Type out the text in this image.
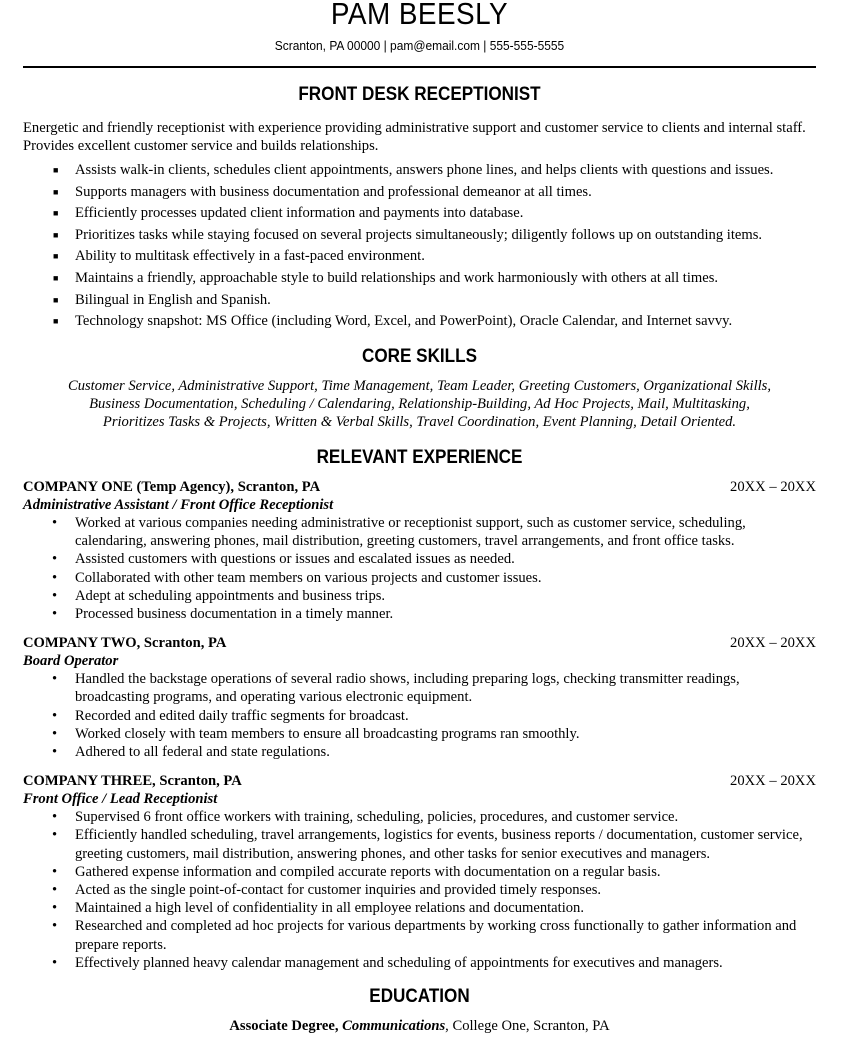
PAM BEESLY
Scranton, PA 00000 | pam@email.com | 555-555-5555
FRONT DESK RECEPTIONIST
Energetic and friendly receptionist with experience providing administrative support and customer service to clients and internal staff. Provides excellent customer service and builds relationships.
■ Assists walk-in clients, schedules client appointments, answers phone lines, and helps clients with questions and issues.
■ Supports managers with business documentation and professional demeanor at all times.
■ Efficiently processes updated client information and payments into database.
■ Prioritizes tasks while staying focused on several projects simultaneously; diligently follows up on outstanding items.
■ Ability to multitask effectively in a fast-paced environment.
■ Maintains a friendly, approachable style to build relationships and work harmoniously with others at all times.
■ Bilingual in English and Spanish.
■ Technology snapshot: MS Office (including Word, Excel, and PowerPoint), Oracle Calendar, and Internet savvy.
CORE SKILLS
Customer Service, Administrative Support, Time Management, Team Leader, Greeting Customers, Organizational Skills,
Business Documentation, Scheduling / Calendaring, Relationship-Building, Ad Hoc Projects, Mail, Multitasking,
Prioritizes Tasks & Projects, Written & Verbal Skills, Travel Coordination, Event Planning, Detail Oriented.
RELEVANT EXPERIENCE
COMPANY ONE (Temp Agency), Scranton, PA	20XX – 20XX
Administrative Assistant / Front Office Receptionist
• Worked at various companies needing administrative or receptionist support, such as customer service, scheduling, calendaring, answering phones, mail distribution, greeting customers, travel arrangements, and front office tasks.
• Assisted customers with questions or issues and escalated issues as needed.
• Collaborated with other team members on various projects and customer issues.
• Adept at scheduling appointments and business trips.
• Processed business documentation in a timely manner.
COMPANY TWO, Scranton, PA	20XX – 20XX
Board Operator
• Handled the backstage operations of several radio shows, including preparing logs, checking transmitter readings, broadcasting programs, and operating various electronic equipment.
• Recorded and edited daily traffic segments for broadcast.
• Worked closely with team members to ensure all broadcasting programs ran smoothly.
• Adhered to all federal and state regulations.
COMPANY THREE, Scranton, PA	20XX – 20XX
Front Office / Lead Receptionist
• Supervised 6 front office workers with training, scheduling, policies, procedures, and customer service.
• Efficiently handled scheduling, travel arrangements, logistics for events, business reports / documentation, customer service, greeting customers, mail distribution, answering phones, and other tasks for senior executives and managers.
• Gathered expense information and compiled accurate reports with documentation on a regular basis.
• Acted as the single point-of-contact for customer inquiries and provided timely responses.
• Maintained a high level of confidentiality in all employee relations and documentation.
• Researched and completed ad hoc projects for various departments by working cross functionally to gather information and prepare reports.
• Effectively planned heavy calendar management and scheduling of appointments for executives and managers.
EDUCATION
Associate Degree, Communications, College One, Scranton, PA
